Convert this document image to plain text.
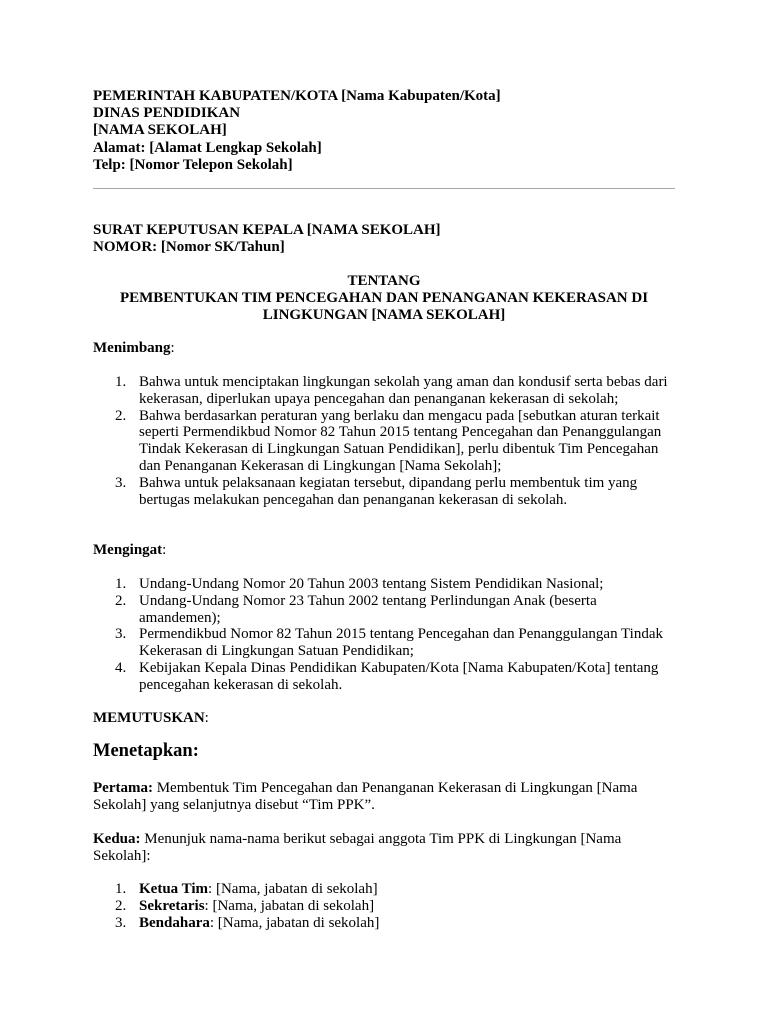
PEMERINTAH KABUPATEN/KOTA [Nama Kabupaten/Kota]
DINAS PENDIDIKAN
[NAMA SEKOLAH]
Alamat: [Alamat Lengkap Sekolah]
Telp: [Nomor Telepon Sekolah]
SURAT KEPUTUSAN KEPALA [NAMA SEKOLAH]
NOMOR: [Nomor SK/Tahun]
TENTANG
PEMBENTUKAN TIM PENCEGAHAN DAN PENANGANAN KEKERASAN DI LINGKUNGAN [NAMA SEKOLAH]
Menimbang:
1. Bahwa untuk menciptakan lingkungan sekolah yang aman dan kondusif serta bebas dari kekerasan, diperlukan upaya pencegahan dan penanganan kekerasan di sekolah;
2. Bahwa berdasarkan peraturan yang berlaku dan mengacu pada [sebutkan aturan terkait seperti Permendikbud Nomor 82 Tahun 2015 tentang Pencegahan dan Penanggulangan Tindak Kekerasan di Lingkungan Satuan Pendidikan], perlu dibentuk Tim Pencegahan dan Penanganan Kekerasan di Lingkungan [Nama Sekolah];
3. Bahwa untuk pelaksanaan kegiatan tersebut, dipandang perlu membentuk tim yang bertugas melakukan pencegahan dan penanganan kekerasan di sekolah.
Mengingat:
1. Undang-Undang Nomor 20 Tahun 2003 tentang Sistem Pendidikan Nasional;
2. Undang-Undang Nomor 23 Tahun 2002 tentang Perlindungan Anak (beserta amandemen);
3. Permendikbud Nomor 82 Tahun 2015 tentang Pencegahan dan Penanggulangan Tindak Kekerasan di Lingkungan Satuan Pendidikan;
4. Kebijakan Kepala Dinas Pendidikan Kabupaten/Kota [Nama Kabupaten/Kota] tentang pencegahan kekerasan di sekolah.
MEMUTUSKAN:
Menetapkan:
Pertama: Membentuk Tim Pencegahan dan Penanganan Kekerasan di Lingkungan [Nama Sekolah] yang selanjutnya disebut “Tim PPK”.
Kedua: Menunjuk nama-nama berikut sebagai anggota Tim PPK di Lingkungan [Nama Sekolah]:
1. Ketua Tim: [Nama, jabatan di sekolah]
2. Sekretaris: [Nama, jabatan di sekolah]
3. Bendahara: [Nama, jabatan di sekolah]
